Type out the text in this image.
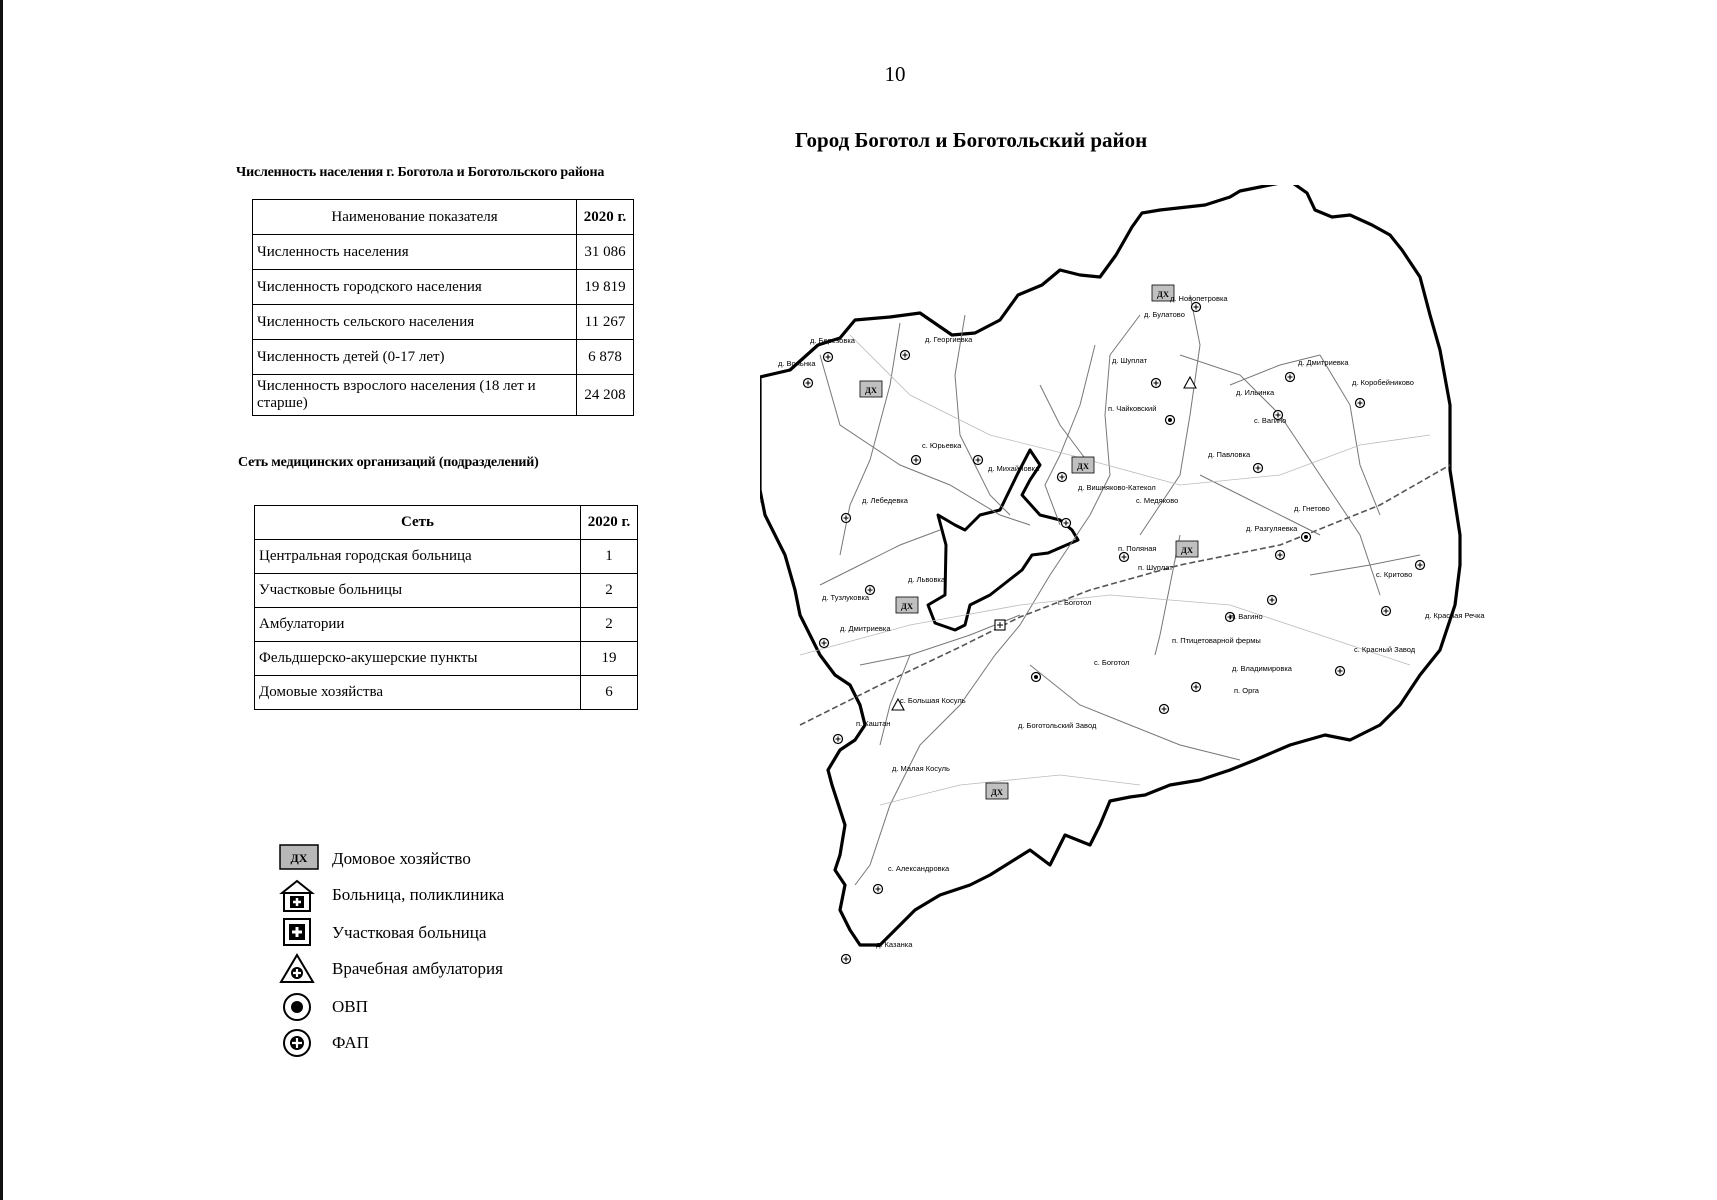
10
Город Боготол и Боготольский район
Численность населения г. Боготола и Боготольского района
Наименование показателя	2020 г.
Численность населения	31 086
Численность городского населения	19 819
Численность сельского населения	11 267
Численность детей (0-17 лет)	6 878
Численность взрослого населения (18 лет и старше)	24 208
Сеть медицинских организаций (подразделений)
Сеть	2020 г.
Центральная городская больница	1
Участковые больницы	2
Амбулатории	2
Фельдшерско-акушерские пункты	19
Домовые хозяйства	6
ДХ Домовое хозяйство
Больница, поликлиника
Участковая больница
Врачебная амбулатория
ОВП
ФАП
ДХ
ДХ
ДХ
ДХ
ДХ
ДХ
д. Новопетровка
д. Булатово
д. Березовка	д. Георгиевка
д. Вольнка	д. Шуплат	д. Дмитриевка
д. Коробейниково
д. Ильинка
п. Чайковский
с. Вагино
с. Юрьевка
д. Михайловка
д. Павловка
д. Вишняково-Катекол
с. Медяково
д. Лебедевка
д. Гнетово
д. Разгуляевка
п. Поляная
п. Шуплат
д. Львовка
с. Критово
д. Тузлуковка
г. Боготол
п. Вагино	д. Красная Речка
д. Дмитриевка
п. Птицетоварной фермы
с. Красный Завод
с. Боготол
д. Владимировка
с. Большая Косуль
п. Орга
п. Каштан	д. Боготольский Завод
д. Малая Косуль
с. Александровка
д. Казанка
